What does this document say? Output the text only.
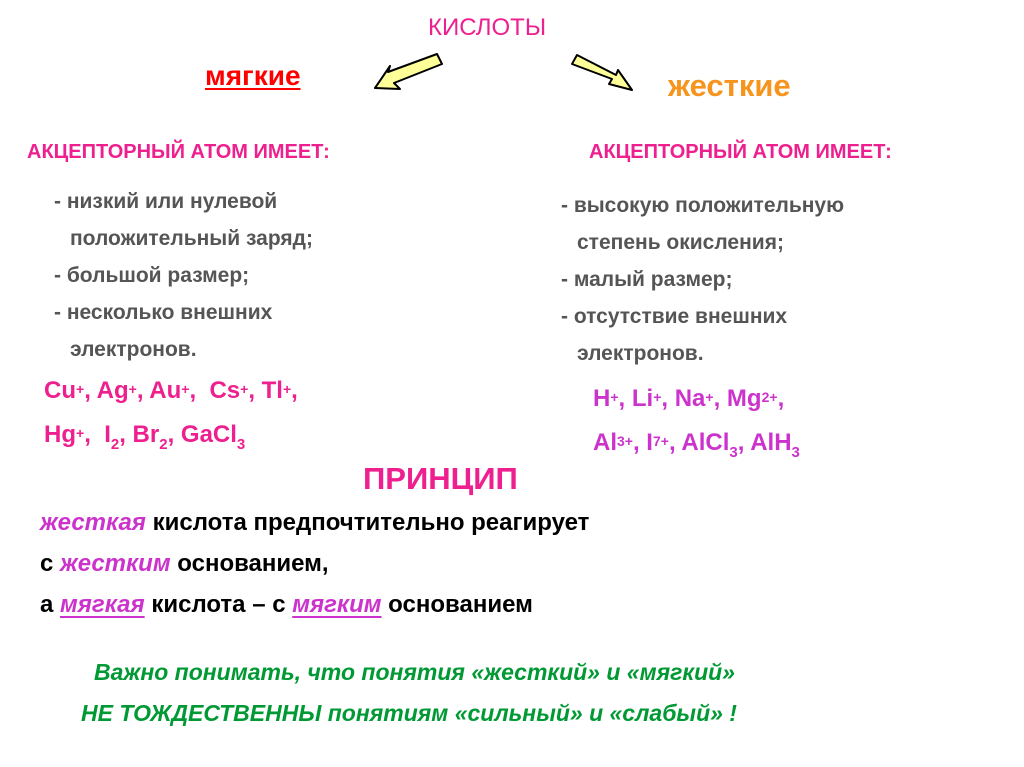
КИСЛОТЫ
мягкие	жесткие
АКЦЕПТОРНЫЙ АТОМ ИМЕЕТ:	АКЦЕПТОРНЫЙ АТОМ ИМЕЕТ:
- низкий или нулевой
положительный заряд;
- большой размер;
- несколько внешних
электронов.
- высокую положительную
степень окисления;
- малый размер;
- отсутствие внешних
электронов.
Cu+, Ag+, Au+,  Cs+, Tl+,
Hg+,  $I_2$, $Br_2$, GaCl$_3$
H+, Li+, Na+, $Mg^{2+}$,
$Al^{3+}$, $I^{7+}$, AlCl$_3$, AlH$_3$
ПРИНЦИП
жесткая кислота предпочтительно реагирует
с жестким основанием,
а мягкая кислота – с мягким основанием
Важно понимать, что понятия «жесткий» и «мягкий»
НЕ ТОЖДЕСТВЕННЫ понятиям «сильный» и «слабый» !
